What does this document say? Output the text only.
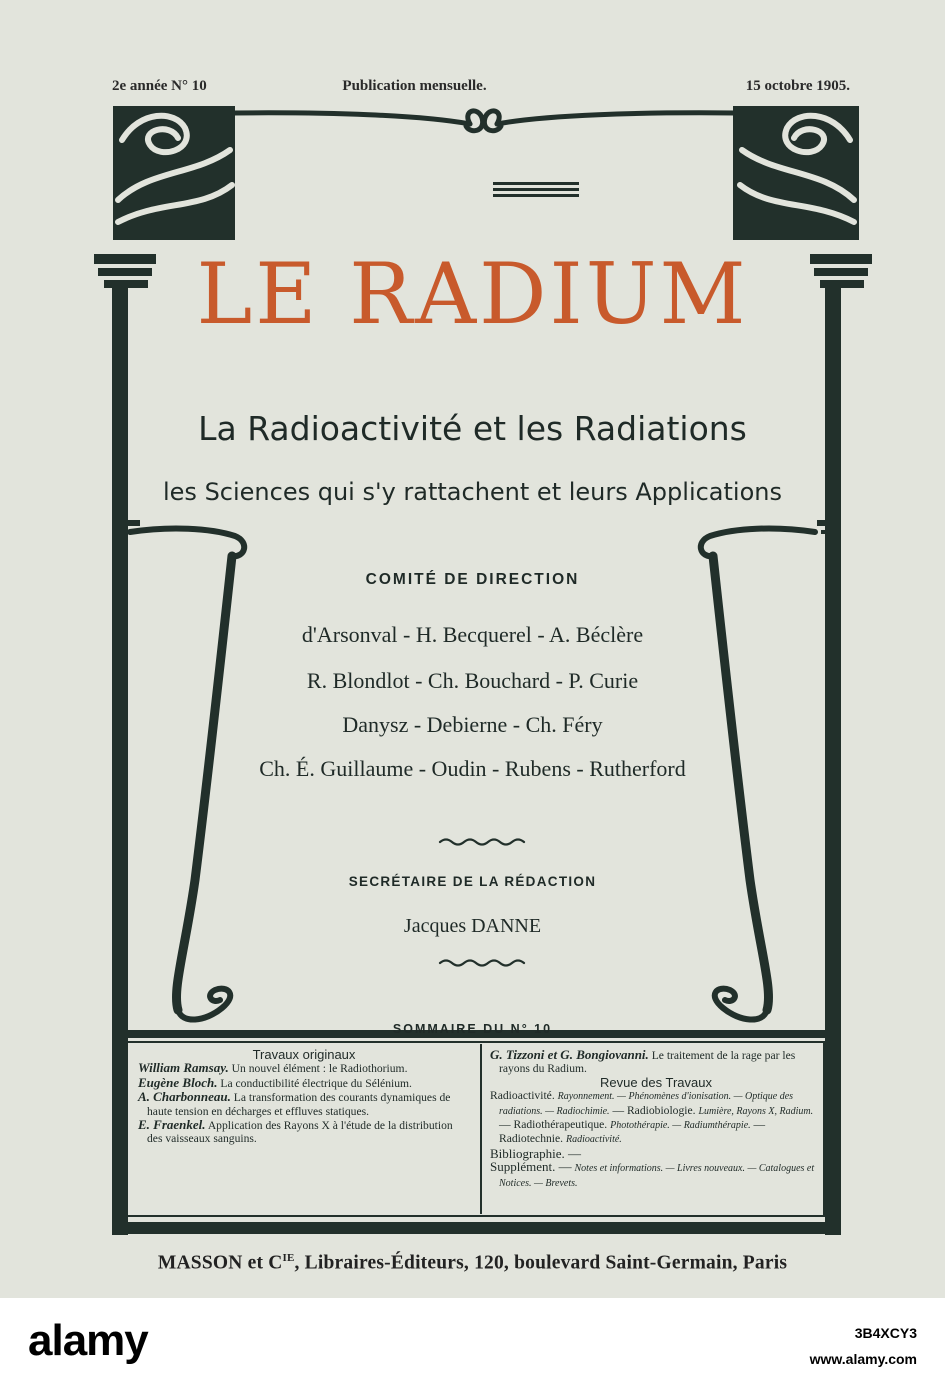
2e année N° 10	Publication mensuelle.	15 octobre 1905.
LE RADIUM
La Radioactivité et les Radiations
les Sciences qui s'y rattachent et leurs Applications
COMITÉ DE DIRECTION
d'Arsonval - H. Becquerel - A. Béclère
R. Blondlot - Ch. Bouchard - P. Curie
Danysz - Debierne - Ch. Féry
Ch. É. Guillaume - Oudin - Rubens - Rutherford
SECRÉTAIRE DE LA RÉDACTION
Jacques DANNE
SOMMAIRE DU N° 10
Travaux originaux

William Ramsay. Un nouvel élément : le Radiothorium.

Eugène Bloch. La conductibilité électrique du Sélénium.

A. Charbonneau. La transformation des courants dynamiques de haute tension en décharges et effluves statiques.

E. Fraenkel. Application des Rayons X à l'étude de la distribution des vaisseaux sanguins.

G. Tizzoni et G. Bongiovanni. Le traitement de la rage par les rayons du Radium.

Revue des Travaux

Radioactivité. Rayonnement. — Phénomènes d'ionisation. — Optique des radiations. — Radiochimie. — Radiobiologie. Lumière, Rayons X, Radium. — Radiothérapeutique. Photothérapie. — Radiumthérapie. — Radiotechnie. Radioactivité.

Bibliographie. —

Supplément. — Notes et informations. — Livres nouveaux. — Catalogues et Notices. — Brevets.

MASSON et $C^{IE}$, Libraires-Éditeurs, 120, boulevard Saint-Germain, Paris
alamy	3B4XCY3
www.alamy.com
